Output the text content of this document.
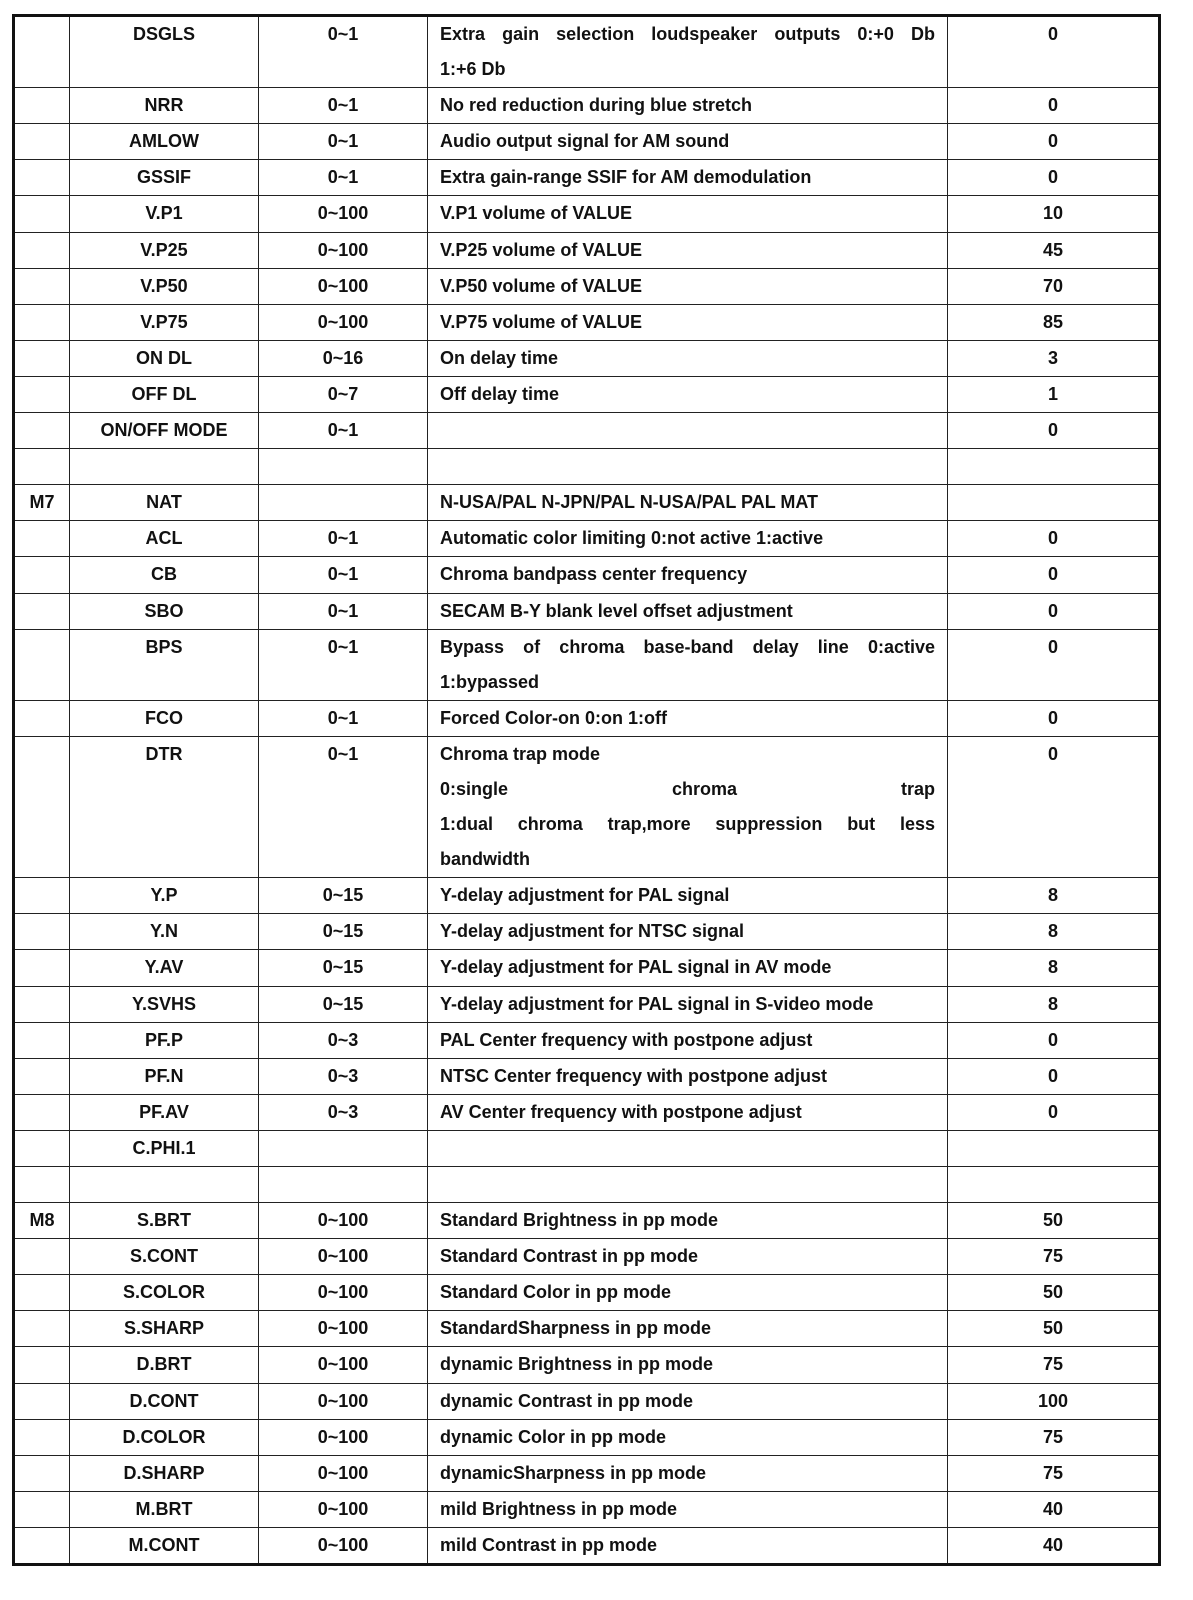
	DSGLS	0~1	Extra gain selection loudspeaker outputs 0:+0 Db
1:+6 Db	0
	NRR	0~1	No red reduction during blue stretch	0
	AMLOW	0~1	Audio output signal for AM sound	0
	GSSIF	0~1	Extra gain-range SSIF for AM demodulation	0
	V.P1	0~100	V.P1 volume of VALUE	10
	V.P25	0~100	V.P25 volume of VALUE	45
	V.P50	0~100	V.P50 volume of VALUE	70
	V.P75	0~100	V.P75 volume of VALUE	85
	ON DL	0~16	On delay time	3
	OFF DL	0~7	Off delay time	1
	ON/OFF MODE	0~1		0

M7	NAT		N-USA/PAL N-JPN/PAL N-USA/PAL PAL MAT	

	ACL	0~1	Automatic color limiting 0:not active 1:active	0
	CB	0~1	Chroma bandpass center frequency	0
	SBO	0~1	SECAM B-Y blank level offset adjustment	0
	BPS	0~1	Bypass of chroma base-band delay line 0:active
1:bypassed	0
	FCO	0~1	Forced Color-on 0:on 1:off	0
	DTR	0~1	Chroma trap mode
0:single chroma trap
1:dual chroma trap,more suppression but less
bandwidth	0
	Y.P	0~15	Y-delay adjustment for PAL signal	8
	Y.N	0~15	Y-delay adjustment for NTSC signal	8
	Y.AV	0~15	Y-delay adjustment for PAL signal in AV mode	8
	Y.SVHS	0~15	Y-delay adjustment for PAL signal in S-video mode	8
	PF.P	0~3	PAL Center frequency with postpone adjust	0
	PF.N	0~3	NTSC Center frequency with postpone adjust	0
	PF.AV	0~3	AV Center frequency with postpone adjust	0
	C.PHI.1		

M8	S.BRT	0~100	Standard Brightness in pp mode	50
	S.CONT	0~100	Standard Contrast in pp mode	75
	S.COLOR	0~100	Standard Color in pp mode	50
	S.SHARP	0~100	StandardSharpness in pp mode	50
	D.BRT	0~100	dynamic Brightness in pp mode	75
	D.CONT	0~100	dynamic Contrast in pp mode	100
	D.COLOR	0~100	dynamic Color in pp mode	75
	D.SHARP	0~100	dynamicSharpness in pp mode	75
	M.BRT	0~100	mild Brightness in pp mode	40
	M.CONT	0~100	mild Contrast in pp mode	40
